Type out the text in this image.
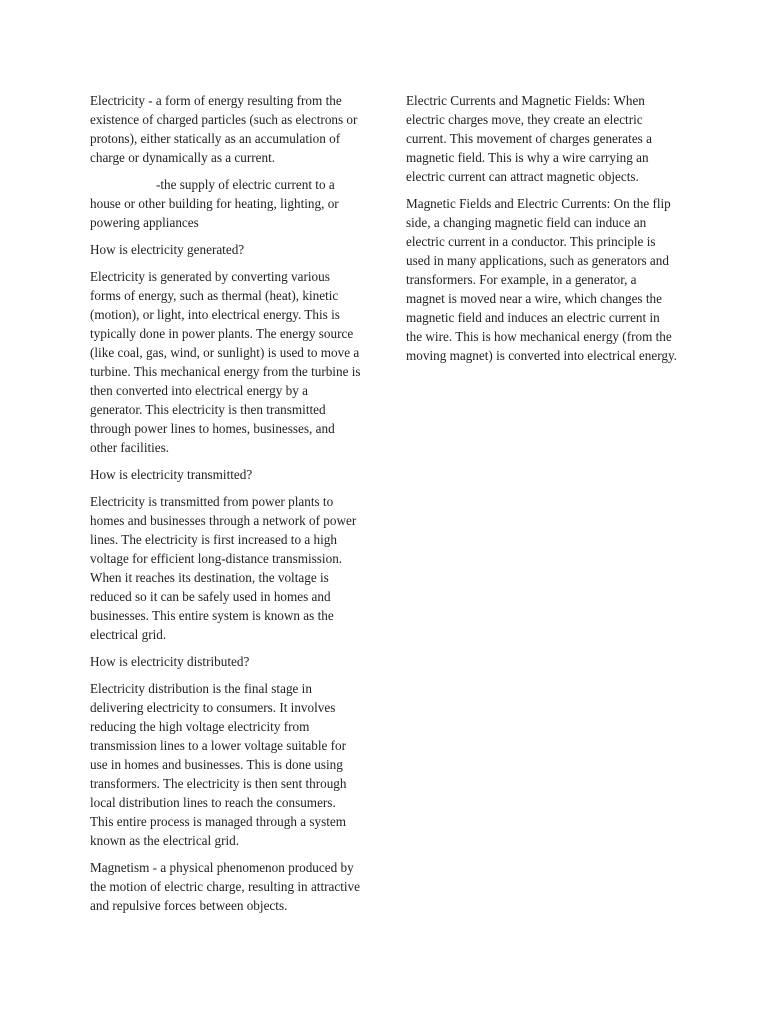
Electricity - a form of energy resulting from the existence of charged particles (such as electrons or protons), either statically as an accumulation of charge or dynamically as a current.

-the supply of electric current to a house or other building for heating, lighting, or powering appliances

How is electricity generated?

Electricity is generated by converting various forms of energy, such as thermal (heat), kinetic (motion), or light, into electrical energy. This is typically done in power plants. The energy source (like coal, gas, wind, or sunlight) is used to move a turbine. This mechanical energy from the turbine is then converted into electrical energy by a generator. This electricity is then transmitted through power lines to homes, businesses, and other facilities.

How is electricity transmitted?

Electricity is transmitted from power plants to homes and businesses through a network of power lines. The electricity is first increased to a high voltage for efficient long-distance transmission. When it reaches its destination, the voltage is reduced so it can be safely used in homes and businesses. This entire system is known as the electrical grid.

How is electricity distributed?

Electricity distribution is the final stage in delivering electricity to consumers. It involves reducing the high voltage electricity from transmission lines to a lower voltage suitable for use in homes and businesses. This is done using transformers. The electricity is then sent through local distribution lines to reach the consumers. This entire process is managed through a system known as the electrical grid.

Magnetism - a physical phenomenon produced by the motion of electric charge, resulting in attractive and repulsive forces between objects.

Electric Currents and Magnetic Fields: When electric charges move, they create an electric current. This movement of charges generates a magnetic field. This is why a wire carrying an electric current can attract magnetic objects.

Magnetic Fields and Electric Currents: On the flip side, a changing magnetic field can induce an electric current in a conductor. This principle is used in many applications, such as generators and transformers. For example, in a generator, a magnet is moved near a wire, which changes the magnetic field and induces an electric current in the wire. This is how mechanical energy (from the moving magnet) is converted into electrical energy.
